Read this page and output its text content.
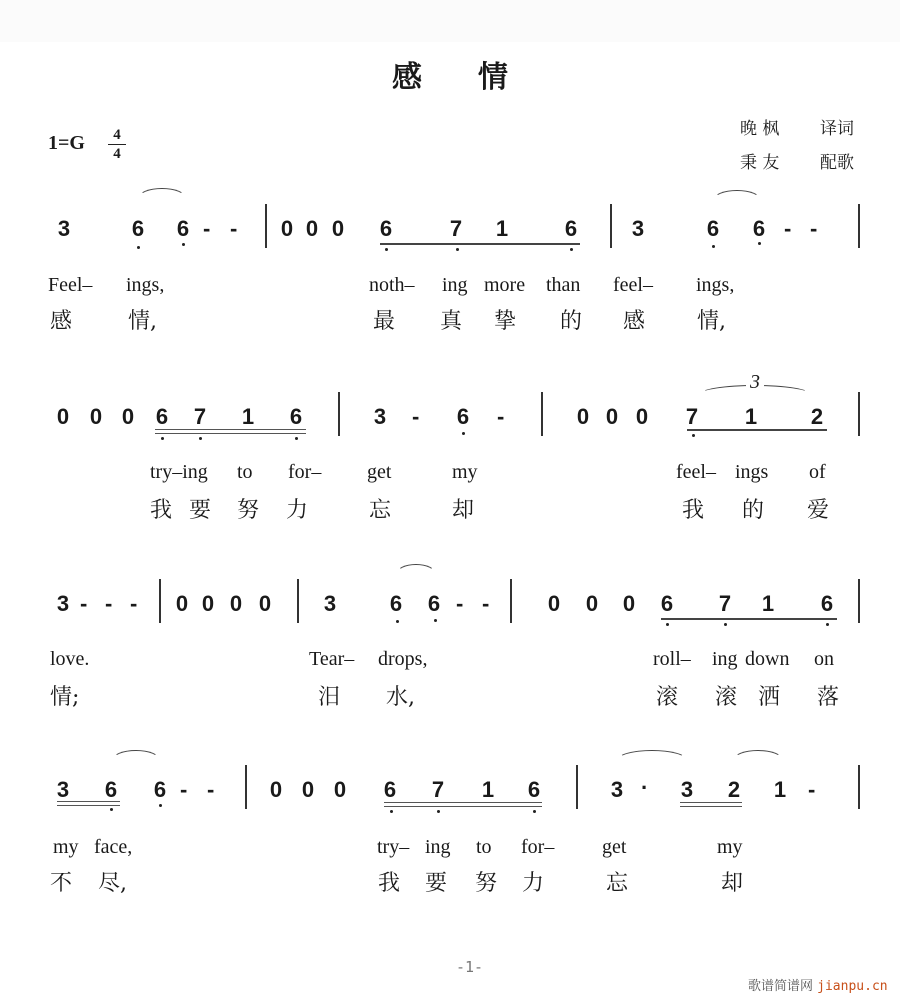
感 情
1=G	4
4
晚 枫 译词
秉 友 配歌
3	6 6 - - 0 0 0 6	7 1	6 3	6 6 - -
Feel– ings,	noth– ing more than feel– ings,
感	情,	最 真 挚 的 感 情,
0 0 0 6 7 1 6	3 - 6 -	0 0 0 7 1 2
3
try–ing to for– get	my	feel– ings of
我 要 努 力	忘	却	我 的 爱
3 - - - 0 0 0 0 3 6 6 - -	0 0 0 6 7 1 6
love.	Tear– drops,	roll– ing down on
情;	汨 水,	滚 滚 洒 落
3 6 6 - -	0 0 0 6 7 1 6	3 · 3 2 1 -
my face,	try– ing to for– get	my
不 尽,	我 要 努 力	忘	却
-1-
歌谱简谱网 jianpu.cn
